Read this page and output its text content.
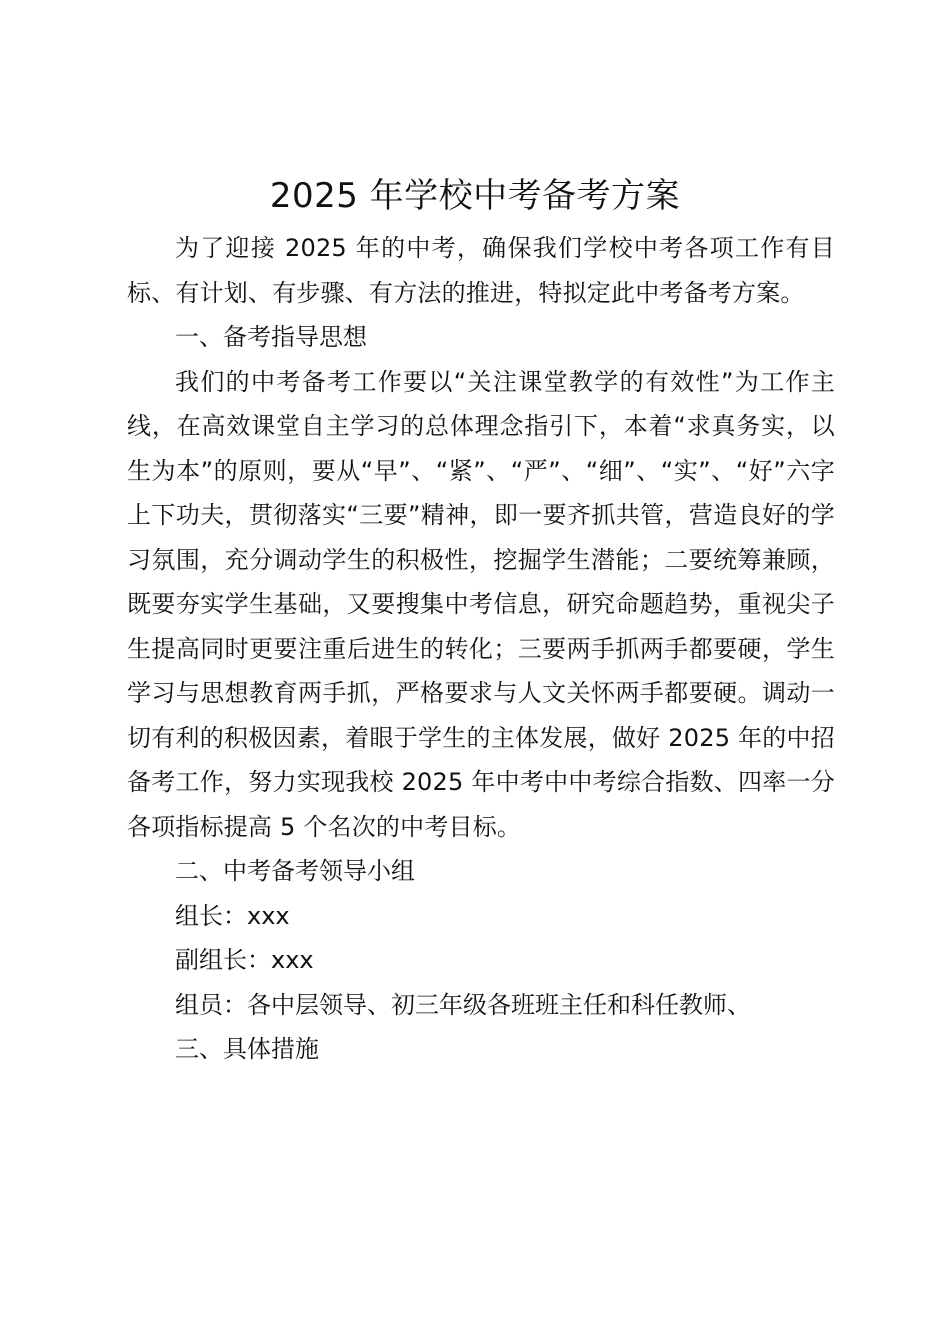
2025 年学校中考备考方案

为了迎接 2025 年的中考，确保我们学校中考各项工作有目标、有计划、有步骤、有方法的推进，特拟定此中考备考方案。

一、备考指导思想

我们的中考备考工作要以“关注课堂教学的有效性”为工作主线，在高效课堂自主学习的总体理念指引下，本着“求真务实，以生为本”的原则，要从“早”、“紧”、“严”、“细”、“实”、“好”六字上下功夫，贯彻落实“三要”精神，即一要齐抓共管，营造良好的学习氛围，充分调动学生的积极性，挖掘学生潜能；二要统筹兼顾，既要夯实学生基础，又要搜集中考信息，研究命题趋势，重视尖子生提高同时更要注重后进生的转化；三要两手抓两手都要硬，学生学习与思想教育两手抓，严格要求与人文关怀两手都要硬。调动一切有利的积极因素，着眼于学生的主体发展，做好 2025 年的中招备考工作，努力实现我校 2025 年中考中中考综合指数、四率一分各项指标提高 5 个名次的中考目标。

二、中考备考领导小组

组长：xxx

副组长：xxx

组员：各中层领导、初三年级各班班主任和科任教师、

三、具体措施
